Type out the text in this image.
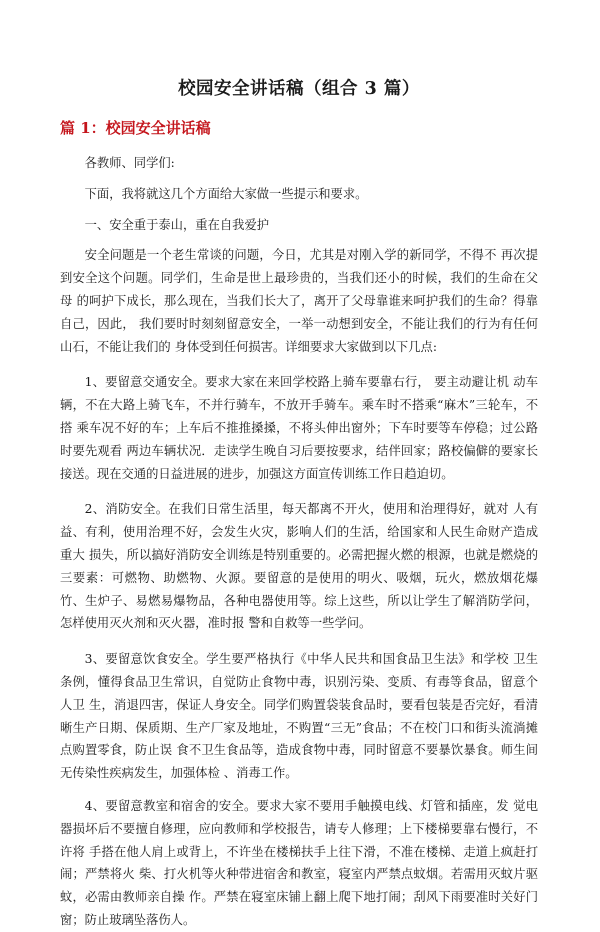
校园安全讲话稿（组合 3 篇）
篇 1：校园安全讲话稿

各教师、同学们:

下面，我将就这几个方面给大家做一些提示和要求。

一、安全重于泰山，重在自我爱护

安全问题是一个老生常谈的问题，今日，尤其是对刚入学的新同学，不得不 再次提到安全这个问题。同学们，生命是世上最珍贵的，当我们还小的时候，我们的生命在父母 的呵护下成长，那么现在，当我们长大了，离开了父母靠谁来呵护我们的生命？得靠自己，因此， 我们要时时刻刻留意安全，一举一动想到安全，不能让我们的行为有任何山石，不能让我们的 身体受到任何损害。详细要求大家做到以下几点:

1、要留意交通安全。要求大家在来回学校路上骑车要靠右行， 要主动避让机 动车辆，不在大路上骑飞车，不并行骑车，不放开手骑车。乘车时不搭乘“麻木”三轮车，不搭 乘车况不好的车；上车后不推推搡搡，不将头伸出窗外；下车时要等车停稳；过公路时要先观看 两边车辆状况．走读学生晚自习后要按要求，结伴回家；路校偏僻的要家长接送。现在交通的日益进展的进步，加强这方面宣传训练工作日趋迫切。

2、消防安全。在我们日常生活里，每天都离不开火，使用和治理得好，就对 人有益、有利，使用治理不好，会发生火灾，影响人们的生活，给国家和人民生命财产造成重大 损失，所以搞好消防安全训练是特别重要的。必需把握火燃的根源，也就是燃烧的三要素：可燃物、助燃物、火源。要留意的是使用的明火、吸烟，玩火，燃放烟花爆竹、生炉子、易燃易爆物品，各种电器使用等。综上这些，所以让学生了解消防学问，怎样使用灭火剂和灭火器，准时报 警和自救等一些学问。

3、要留意饮食安全。学生要严格执行《中华人民共和国食品卫生法》和学校 卫生条例，懂得食品卫生常识，自觉防止食物中毒，识别污染、变质、有毒等食品，留意个人卫 生，消退四害，保证人身安全。同学们购置袋装食品时，要看包装是否完好，看清晰生产日期、保质期、生产厂家及地址，不购置“三无”食品；不在校门口和街头流淌摊点购置零食，防止误 食不卫生食品等，造成食物中毒，同时留意不要暴饮暴食。师生间无传染性疾病发生，加强体检 、消毒工作。

4、要留意教室和宿舍的安全。要求大家不要用手触摸电线、灯管和插座，发 觉电器损坏后不要擅自修理，应向教师和学校报告，请专人修理；上下楼梯要靠右慢行，不许将 手搭在他人肩上或背上，不许坐在楼梯扶手上往下滑，不准在楼梯、走道上疯赶打闹；严禁将火 柴、打火机等火种带进宿舍和教室，寝室内严禁点蚊烟。若需用灭蚊片驱蚊，必需由教师亲自操 作。严禁在寝室床铺上翻上爬下地打闹；刮风下雨要准时关好门窗；防止玻璃坠落伤人。
